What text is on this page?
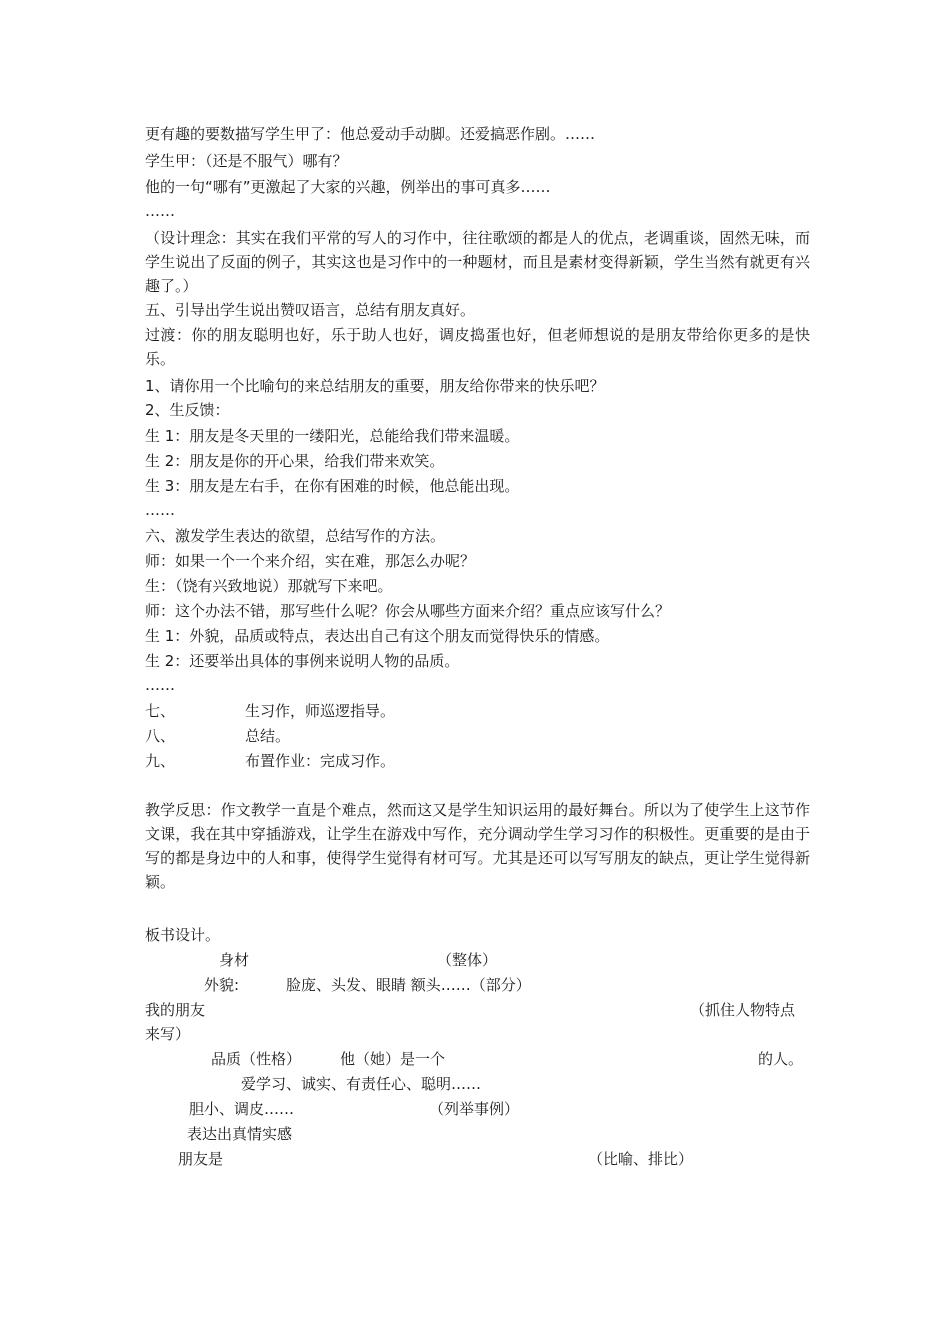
更有趣的要数描写学生甲了：他总爱动手动脚。还爱搞恶作剧。……
学生甲：（还是不服气）哪有？
他的一句“哪有”更激起了大家的兴趣，例举出的事可真多……
……
（设计理念：其实在我们平常的写人的习作中，往往歌颂的都是人的优点，老调重谈，固然无味，而学生说出了反面的例子，其实这也是习作中的一种题材，而且是素材变得新颖，学生当然有就更有兴趣了。）
五、引导出学生说出赞叹语言，总结有朋友真好。
过渡：你的朋友聪明也好，乐于助人也好，调皮捣蛋也好，但老师想说的是朋友带给你更多的是快乐。
1、请你用一个比喻句的来总结朋友的重要，朋友给你带来的快乐吧？
2、生反馈：
生 1：朋友是冬天里的一缕阳光，总能给我们带来温暖。
生 2：朋友是你的开心果，给我们带来欢笑。
生 3：朋友是左右手，在你有困难的时候，他总能出现。
……
六、激发学生表达的欲望，总结写作的方法。
师：如果一个一个来介绍，实在难，那怎么办呢？
生：（饶有兴致地说）那就写下来吧。
师：这个办法不错，那写些什么呢？你会从哪些方面来介绍？重点应该写什么？
生 1：外貌，品质或特点，表达出自己有这个朋友而觉得快乐的情感。
生 2：还要举出具体的事例来说明人物的品质。
……
七、	生习作，师巡逻指导。
八、	总结。
九、	布置作业：完成习作。
教学反思：作文教学一直是个难点，然而这又是学生知识运用的最好舞台。所以为了使学生上这节作文课，我在其中穿插游戏，让学生在游戏中写作，充分调动学生学习习作的积极性。更重要的是由于写的都是身边中的人和事，使得学生觉得有材可写。尤其是还可以写写朋友的缺点，更让学生觉得新颖。
板书设计。
身材	（整体）
外貌:	脸庞、头发、眼睛 额头……（部分）
我的朋友	（抓住人物特点
来写）
品质（性格）	他（她）是一个	的人。
爱学习、诚实、有责任心、聪明……
胆小、调皮……	（列举事例）
表达出真情实感
朋友是	（比喻、排比）
